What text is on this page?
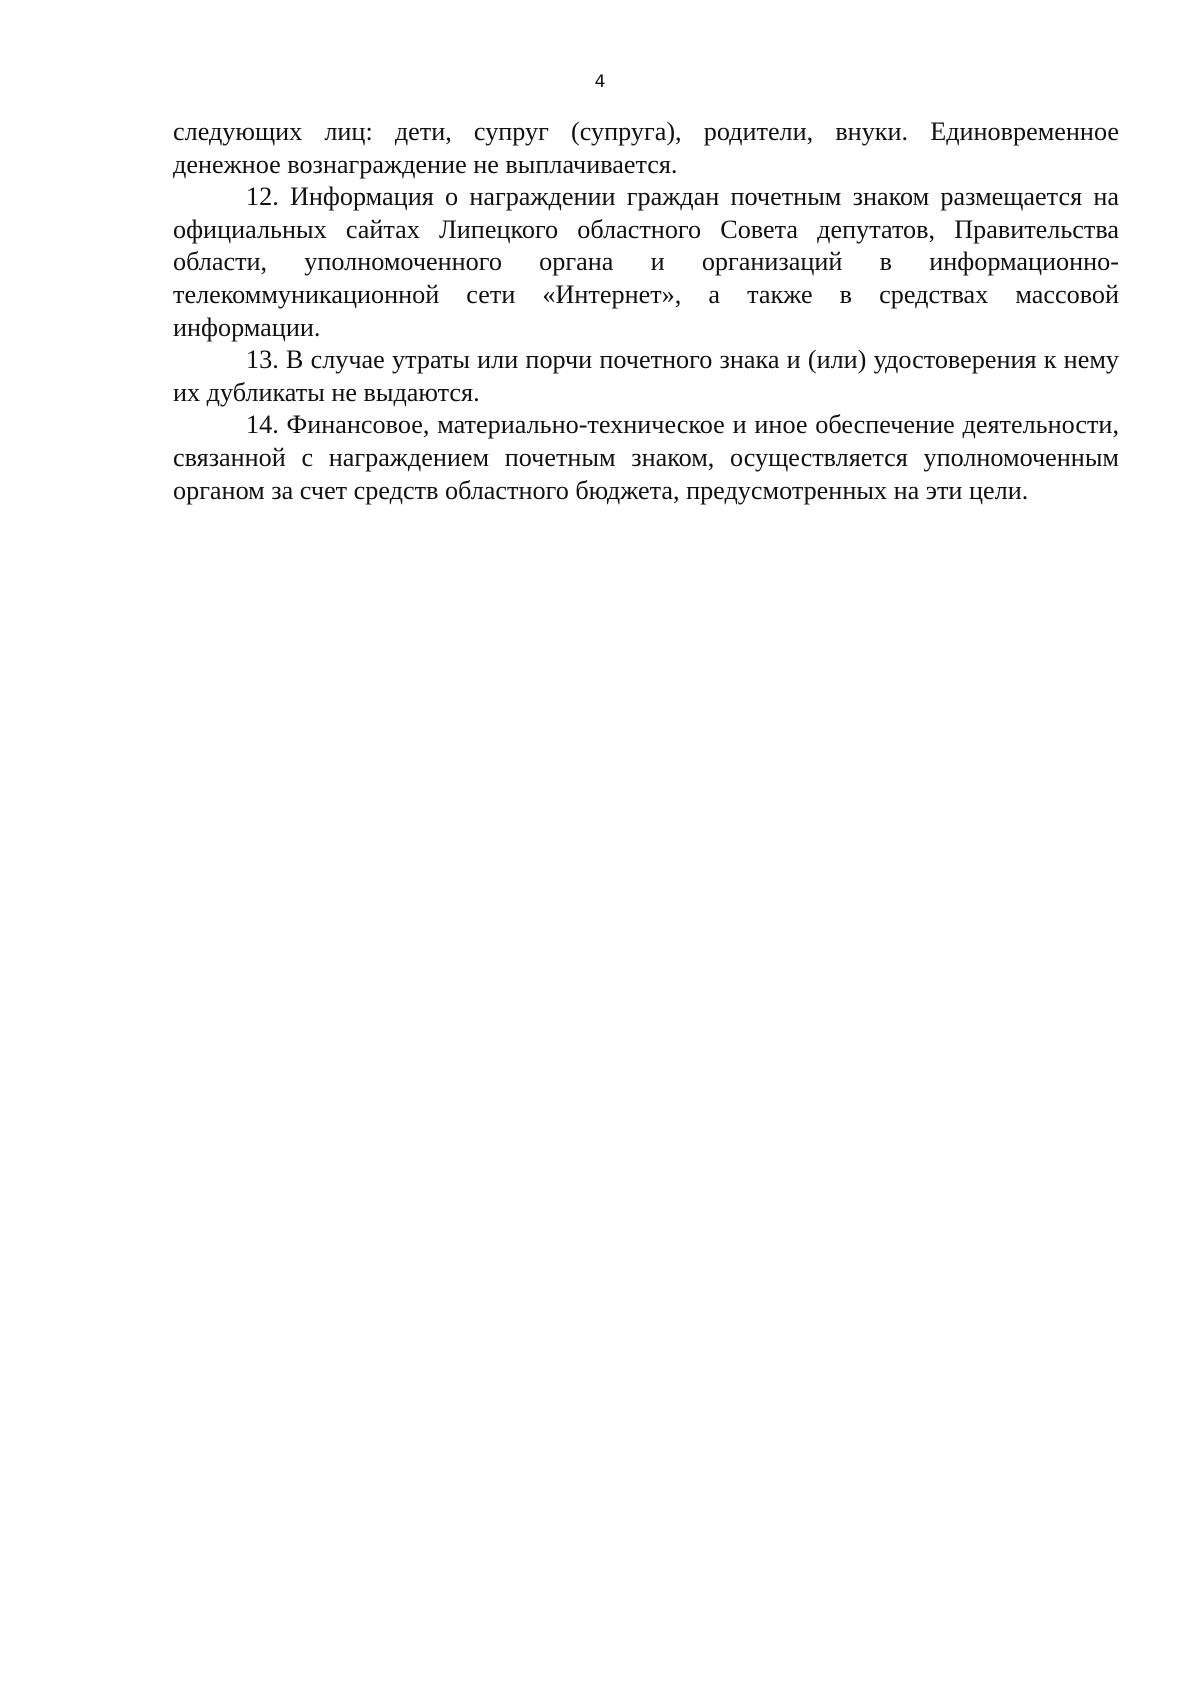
4

следующих лиц: дети, супруг (супруга), родители, внуки. Единовременное денежное вознаграждение не выплачивается.

12. Информация о награждении граждан почетным знаком размещается на официальных сайтах Липецкого областного Совета депутатов, Правительства области, уполномоченного органа и организаций в информационно-телекоммуникационной сети «Интернет», а также в средствах массовой информации.

13. В случае утраты или порчи почетного знака и (или) удостоверения к нему их дубликаты не выдаются.

14. Финансовое, материально-техническое и иное обеспечение деятельности, связанной с награждением почетным знаком, осуществляется уполномоченным органом за счет средств областного бюджета, предусмотренных на эти цели.
